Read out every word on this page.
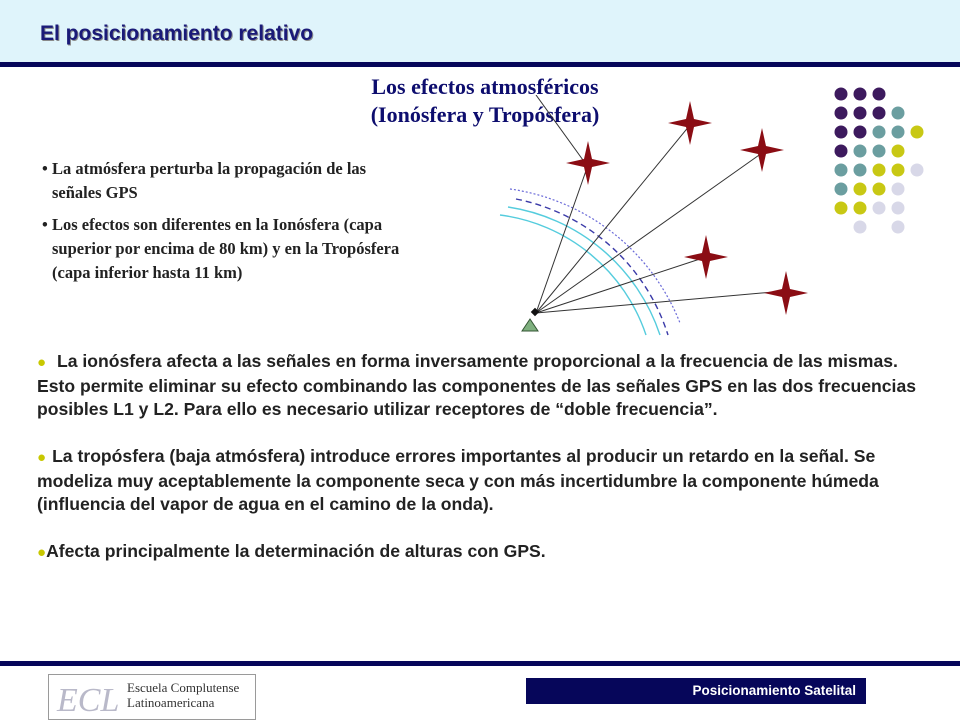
El posicionamiento relativo
Los efectos atmosféricos
(Ionósfera y Tropósfera)
• La atmósfera perturba la propagación de las señales GPS
• Los efectos son diferentes en la Ionósfera (capa superior por encima de 80 km) y en la Tropósfera (capa inferior hasta 11 km)

● La ionósfera afecta a las señales en forma inversamente proporcional a la frecuencia de las mismas. Esto permite eliminar su efecto combinando las componentes de las señales GPS en las dos frecuencias posibles L1 y L2. Para ello es necesario utilizar receptores de “doble frecuencia”.

● La tropósfera (baja atmósfera) introduce errores importantes al producir un retardo en la señal. Se modeliza muy aceptablemente la componente seca y con más incertidumbre la componente húmeda (influencia del vapor de agua en el camino de la onda).

●Afecta principalmente la determinación de alturas con GPS.

ECL Escuela Complutense
Latinoamericana
Posicionamiento Satelital
